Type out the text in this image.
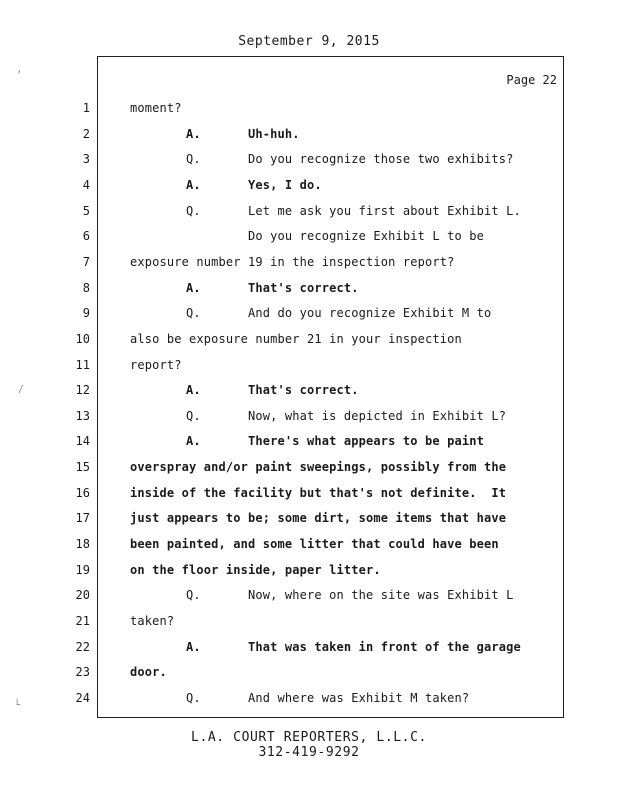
September 9, 2015
Page 22
1	moment?
2	A.	Uh-huh.
3	Q.	Do you recognize those two exhibits?
4	A.	Yes, I do.
5	Q.	Let me ask you first about Exhibit L.
6	Do you recognize Exhibit L to be
7	exposure number 19 in the inspection report?
8	A.	That's correct.
9	Q.	And do you recognize Exhibit M to
10	also be exposure number 21 in your inspection
11	report?
12	A.	That's correct.
13	Q.	Now, what is depicted in Exhibit L?
14	A.	There's what appears to be paint
15	overspray and/or paint sweepings, possibly from the
16	inside of the facility but that's not definite.  It
17	just appears to be; some dirt, some items that have
18	been painted, and some litter that could have been
19	on the floor inside, paper litter.
20	Q.	Now, where on the site was Exhibit L
21	taken?
22	A.	That was taken in front of the garage
23	door.
24	Q.	And where was Exhibit M taken?
L.A. COURT REPORTERS, L.L.C.
312-419-9292
’
/
└
